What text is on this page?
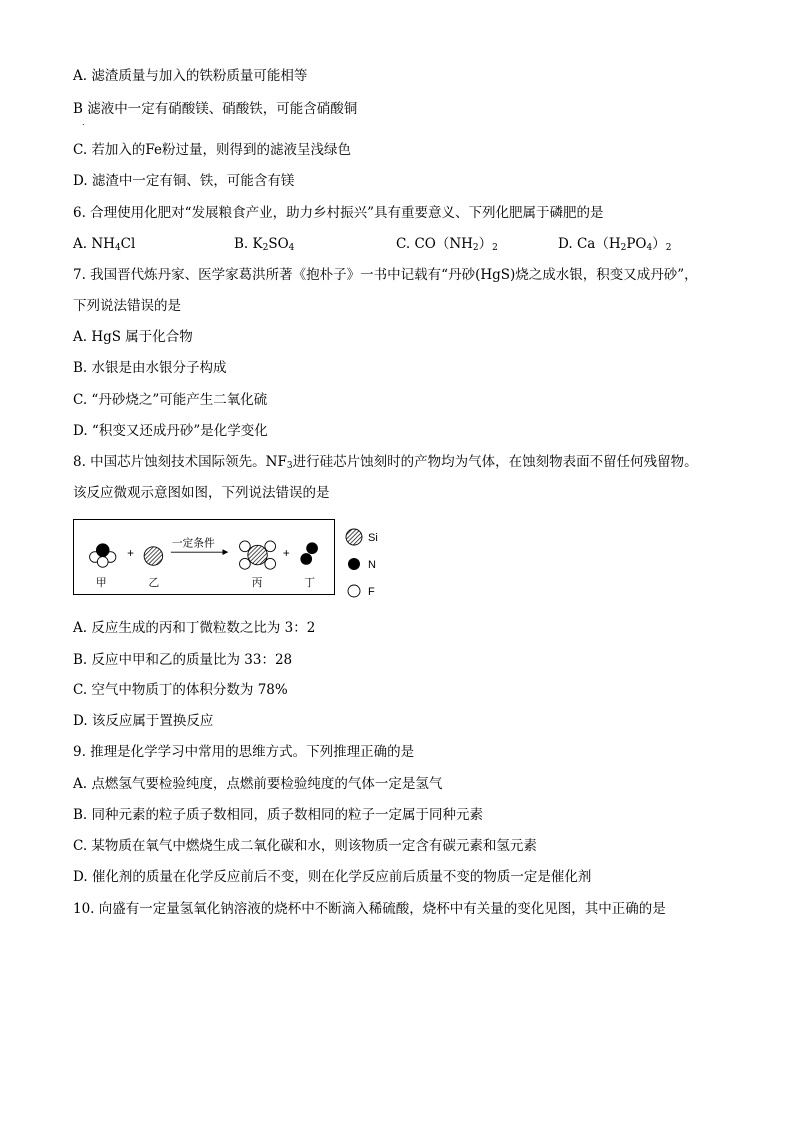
A. 滤渣质量与加入的铁粉质量可能相等
B 滤液中一定有硝酸镁、硝酸铁，可能含硝酸铜
.
C. 若加入的Fe粉过量，则得到的滤液呈浅绿色
D. 滤渣中一定有铜、铁，可能含有镁
6. 合理使用化肥对“发展粮食产业，助力乡村振兴”具有重要意义、下列化肥属于磷肥的是
A. $NH_4Cl$	B. $K_2SO_4$	C. $CO(NH_2)_2$	D. $Ca(H_2PO_4)_2$
7. 我国晋代炼丹家、医学家葛洪所著《抱朴子》一书中记载有“丹砂(HgS)烧之成水银，积变又成丹砂”，
下列说法错误的是
A. HgS 属于化合物
B. 水银是由水银分子构成
C. “丹砂烧之”可能产生二氧化硫
D. “积变又还成丹砂”是化学变化
8. 中国芯片蚀刻技术国际领先。$NF_3$进行硅芯片蚀刻时的产物均为气体，在蚀刻物表面不留任何残留物。
该反应微观示意图如图，下列说法错误的是
+
一定条件
+
甲	乙	丙	丁
Si
N
F
A. 反应生成的丙和丁微粒数之比为 3：2
B. 反应中甲和乙的质量比为 33：28
C. 空气中物质丁的体积分数为 78%
D. 该反应属于置换反应
9. 推理是化学学习中常用的思维方式。下列推理正确的是
A. 点燃氢气要检验纯度，点燃前要检验纯度的气体一定是氢气
B. 同种元素的粒子质子数相同，质子数相同的粒子一定属于同种元素
C. 某物质在氧气中燃烧生成二氧化碳和水，则该物质一定含有碳元素和氢元素
D. 催化剂的质量在化学反应前后不变，则在化学反应前后质量不变的物质一定是催化剂
10. 向盛有一定量氢氧化钠溶液的烧杯中不断滴入稀硫酸，烧杯中有关量的变化见图，其中正确的是
